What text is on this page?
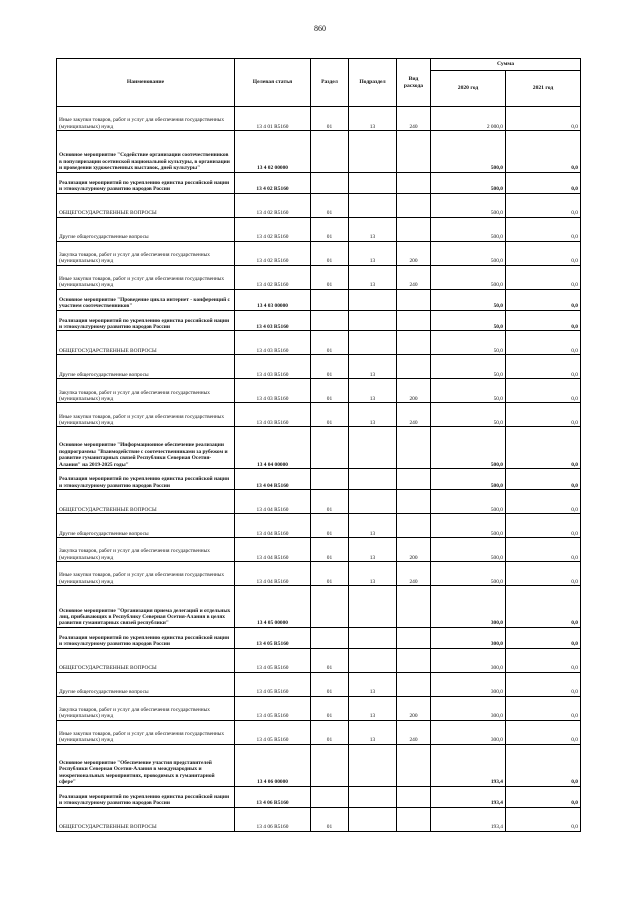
860
Наименование	Целевая статья	Раздел	Подраздел	Вид расхода	Сумма	
					2020 год	2021 год
Иные закупки товаров, работ и услуг для обеспечения государственных (муниципальных) нужд	13 4 01 R5160	01	13	240	2 000,0	0,0
Основное мероприятие "Содействие организации соотечественников в популяризации осетинской национальной культуры, в организации и проведении художественных выставок, дней культуры"	13 4 02 00000				500,0	0,0
Реализация мероприятий по укреплению единства российской нации и этнокультурному развитию народов России	13 4 02 R5160				500,0	0,0
ОБЩЕГОСУДАРСТВЕННЫЕ ВОПРОСЫ	13 4 02 R5160	01			500,0	0,0
Другие общегосударственные вопросы	13 4 02 R5160	01	13		500,0	0,0
Закупка товаров, работ и услуг для обеспечения государственных (муниципальных) нужд	13 4 02 R5160	01	13	200	500,0	0,0
Иные закупки товаров, работ и услуг для обеспечения государственных (муниципальных) нужд	13 4 02 R5160	01	13	240	500,0	0,0
Основное мероприятие "Проведение цикла интернет - конференций с участием соотечественников"	13 4 03 00000				50,0	0,0
Реализация мероприятий по укреплению единства российской нации и этнокультурному развитию народов России	13 4 03 R5160				50,0	0,0
ОБЩЕГОСУДАРСТВЕННЫЕ ВОПРОСЫ	13 4 03 R5160	01			50,0	0,0
Другие общегосударственные вопросы	13 4 03 R5160	01	13		50,0	0,0
Закупка товаров, работ и услуг для обеспечения государственных (муниципальных) нужд	13 4 03 R5160	01	13	200	50,0	0,0
Иные закупки товаров, работ и услуг для обеспечения государственных (муниципальных) нужд	13 4 03 R5160	01	13	240	50,0	0,0
Основное мероприятие "Информационное обеспечение реализации подпрограммы "Взаимодействие с соотечественниками за рубежом и развитие гуманитарных связей Республики Северная Осетия-Алания" на 2019-2025 годы"	13 4 04 00000				500,0	0,0
Реализация мероприятий по укреплению единства российской нации и этнокультурному развитию народов России	13 4 04 R5160				500,0	0,0
ОБЩЕГОСУДАРСТВЕННЫЕ ВОПРОСЫ	13 4 04 R5160	01			500,0	0,0
Другие общегосударственные вопросы	13 4 04 R5160	01	13		500,0	0,0
Закупка товаров, работ и услуг для обеспечения государственных (муниципальных) нужд	13 4 04 R5160	01	13	200	500,0	0,0
Иные закупки товаров, работ и услуг для обеспечения государственных (муниципальных) нужд	13 4 04 R5160	01	13	240	500,0	0,0
Основное мероприятие "Организация приема делегаций и отдельных лиц, прибывающих в Республику Северная Осетия-Алания в целях развития гуманитарных связей республики"	13 4 05 00000				300,0	0,0
Реализация мероприятий по укреплению единства российской нации и этнокультурному развитию народов России	13 4 05 R5160				300,0	0,0
ОБЩЕГОСУДАРСТВЕННЫЕ ВОПРОСЫ	13 4 05 R5160	01			300,0	0,0
Другие общегосударственные вопросы	13 4 05 R5160	01	13		300,0	0,0
Закупка товаров, работ и услуг для обеспечения государственных (муниципальных) нужд	13 4 05 R5160	01	13	200	300,0	0,0
Иные закупки товаров, работ и услуг для обеспечения государственных (муниципальных) нужд	13 4 05 R5160	01	13	240	300,0	0,0
Основное мероприятие "Обеспечение участия представителей Республики Северная Осетия-Алания в международных и межрегиональных мероприятиях, проводимых в гуманитарной сфере"	13 4 06 00000				193,4	0,0
Реализация мероприятий по укреплению единства российской нации и этнокультурному развитию народов России	13 4 06 R5160				193,4	0,0
ОБЩЕГОСУДАРСТВЕННЫЕ ВОПРОСЫ	13 4 06 R5160	01			193,4	0,0
